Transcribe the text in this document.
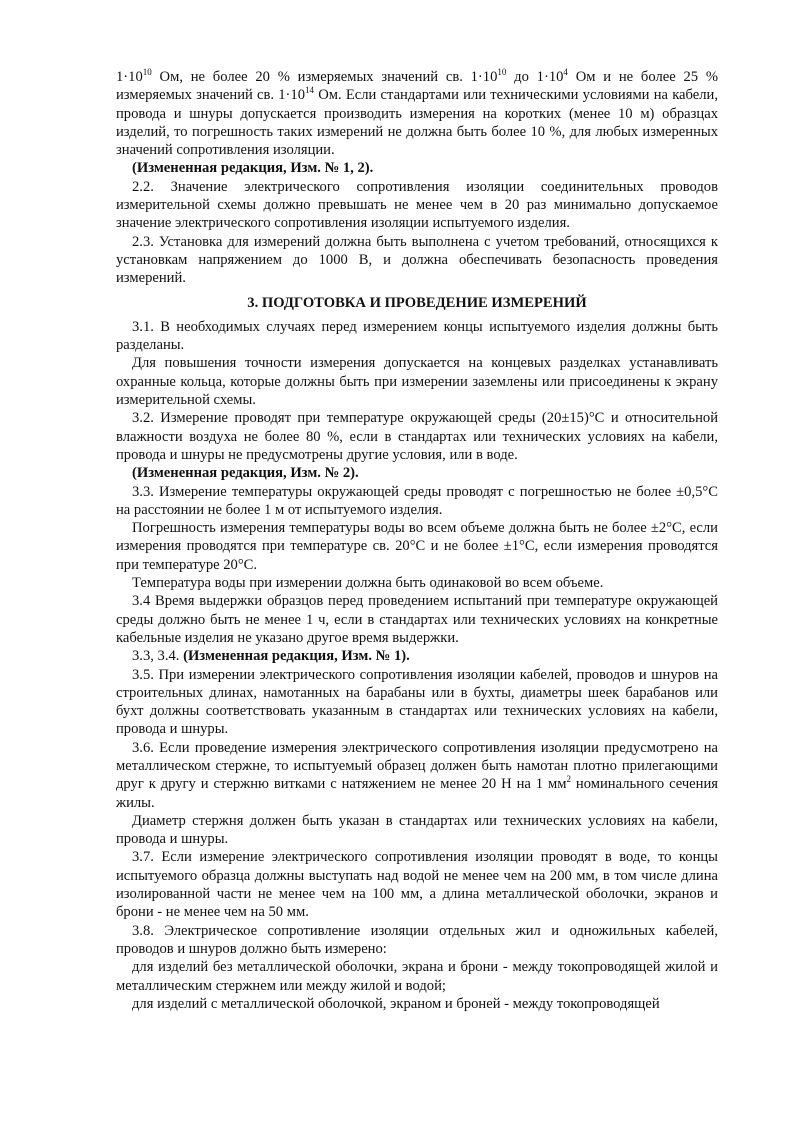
$1\cdot 10^{10}$ Ом, не более 20 % измеряемых значений св. $1\cdot 10^{10}$ до $1\cdot 10^4$ Ом и не более 25 % измеряемых значений св. $1\cdot 10^{14}$ Ом. Если стандартами или техническими условиями на кабели, провода и шнуры допускается производить измерения на коротких (менее 10 м) образцах изделий, то погрешность таких измерений не должна быть более 10 %, для любых измеренных значений сопротивления изоляции.

(Измененная редакция, Изм. № 1, 2).

2.2. Значение электрического сопротивления изоляции соединительных проводов измерительной схемы должно превышать не менее чем в 20 раз минимально допускаемое значение электрического сопротивления изоляции испытуемого изделия.

2.3. Установка для измерений должна быть выполнена с учетом требований, относящихся к установкам напряжением до 1000 В, и должна обеспечивать безопасность проведения измерений.

3. ПОДГОТОВКА И ПРОВЕДЕНИЕ ИЗМЕРЕНИЙ

3.1. В необходимых случаях перед измерением концы испытуемого изделия должны быть разделаны.

Для повышения точности измерения допускается на концевых разделках устанавливать охранные кольца, которые должны быть при измерении заземлены или присоединены к экрану измерительной схемы.

3.2. Измерение проводят при температуре окружающей среды (20±15)°С и относительной влажности воздуха не более 80 %, если в стандартах или технических условиях на кабели, провода и шнуры не предусмотрены другие условия, или в воде.

(Измененная редакция, Изм. № 2).

3.3. Измерение температуры окружающей среды проводят с погрешностью не более ±0,5°С на расстоянии не более 1 м от испытуемого изделия.

Погрешность измерения температуры воды во всем объеме должна быть не более ±2°С, если измерения проводятся при температуре св. 20°С и не более ±1°С, если измерения проводятся при температуре 20°С.

Температура воды при измерении должна быть одинаковой во всем объеме.

3.4 Время выдержки образцов перед проведением испытаний при температуре окружающей среды должно быть не менее 1 ч, если в стандартах или технических условиях на конкретные кабельные изделия не указано другое время выдержки.

3.3, 3.4. (Измененная редакция, Изм. № 1).

3.5. При измерении электрического сопротивления изоляции кабелей, проводов и шнуров на строительных длинах, намотанных на барабаны или в бухты, диаметры шеек барабанов или бухт должны соответствовать указанным в стандартах или технических условиях на кабели, провода и шнуры.

3.6. Если проведение измерения электрического сопротивления изоляции предусмотрено на металлическом стержне, то испытуемый образец должен быть намотан плотно прилегающими друг к другу и стержню витками с натяжением не менее 20 Н на 1 $мм^2$ номинального сечения жилы.

Диаметр стержня должен быть указан в стандартах или технических условиях на кабели, провода и шнуры.

3.7. Если измерение электрического сопротивления изоляции проводят в воде, то концы испытуемого образца должны выступать над водой не менее чем на 200 мм, в том числе длина изолированной части не менее чем на 100 мм, а длина металлической оболочки, экранов и брони - не менее чем на 50 мм.

3.8. Электрическое сопротивление изоляции отдельных жил и одножильных кабелей, проводов и шнуров должно быть измерено:

для изделий без металлической оболочки, экрана и брони - между токопроводящей жилой и металлическим стержнем или между жилой и водой;

для изделий с металлической оболочкой, экраном и броней - между токопроводящей
